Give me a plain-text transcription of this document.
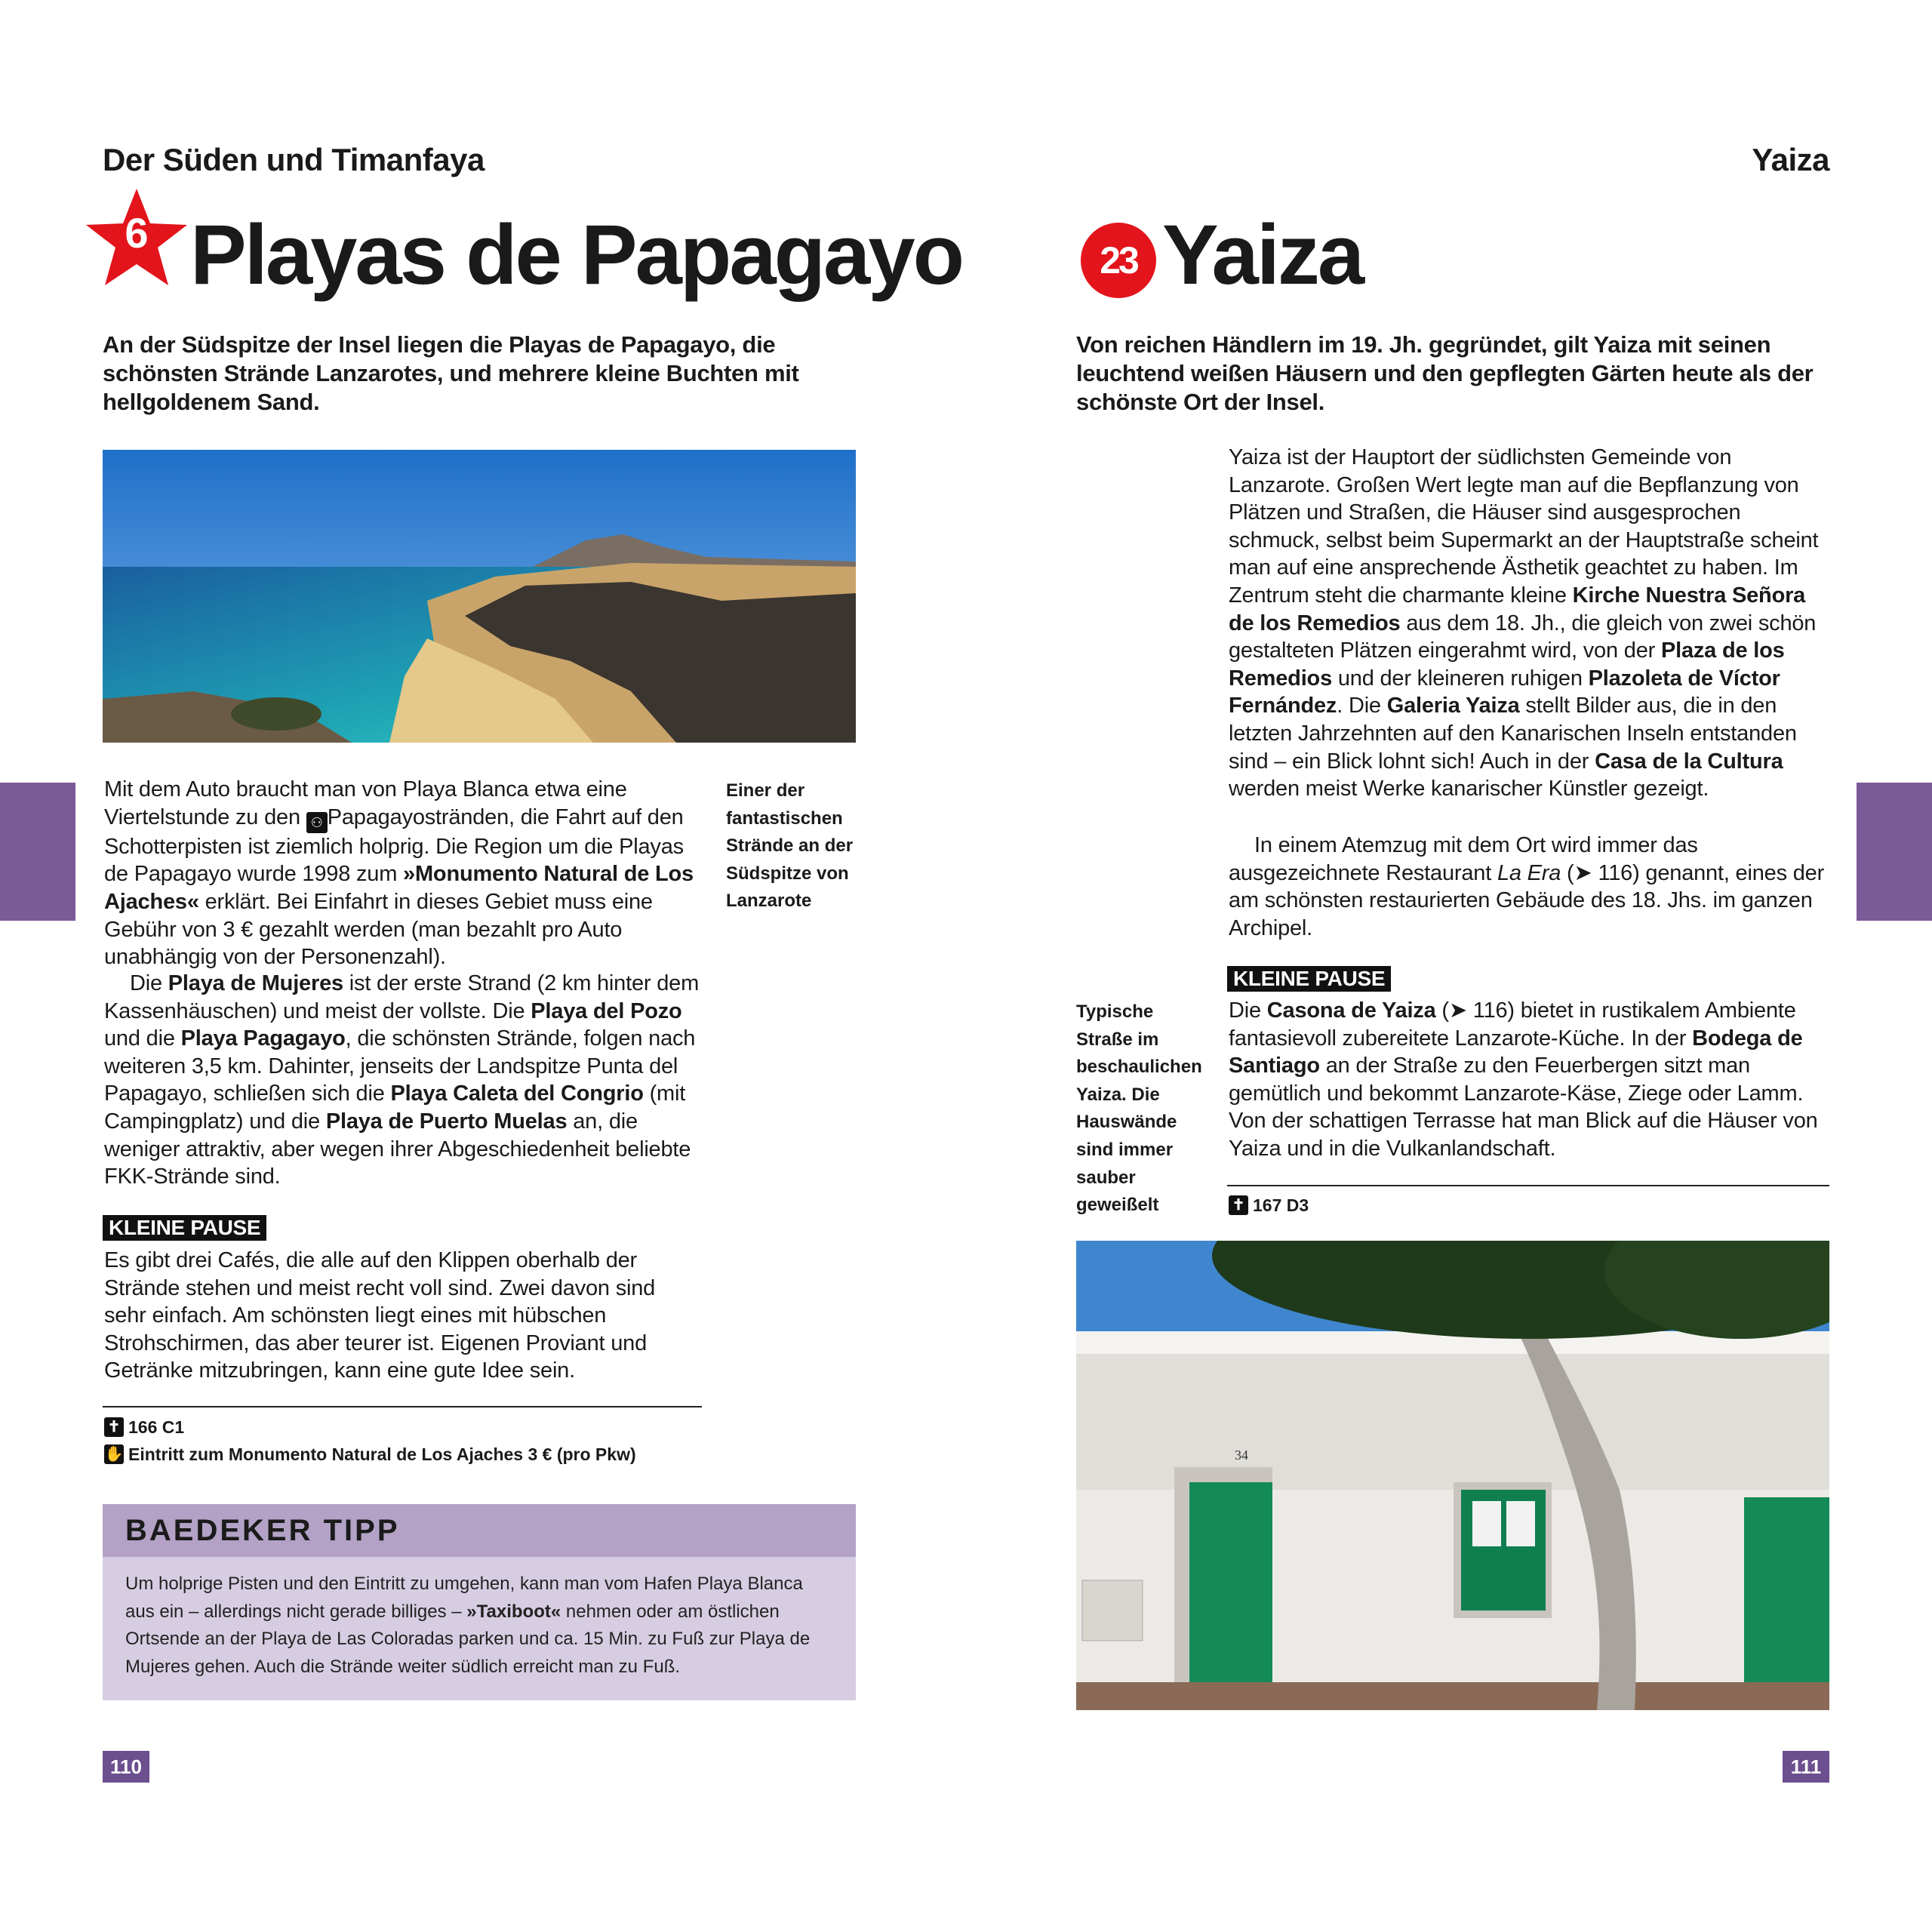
Der Süden und Timanfaya
6 Playas de Papagayo
An der Südspitze der Insel liegen die Playas de Papagayo, die schönsten Strände Lanzarotes, und mehrere kleine Buchten mit hellgoldenem Sand.
Mit dem Auto braucht man von Playa Blanca etwa eine Viertelstunde zu den ⚇ Papagayostränden, die Fahrt auf den Schotterpisten ist ziemlich holprig. Die Region um die Playas de Papagayo wurde 1998 zum »Monumento Natural de Los Ajaches« erklärt. Bei Einfahrt in dieses Gebiet muss eine Gebühr von 3 € gezahlt werden (man bezahlt pro Auto unabhängig von der Personenzahl).
Die Playa de Mujeres ist der erste Strand (2 km hinter dem Kassenhäuschen) und meist der vollste. Die Playa del Pozo und die Playa Pagagayo, die schönsten Strände, folgen nach weiteren 3,5 km. Dahinter, jenseits der Landspitze Punta del Papagayo, schließen sich die Playa Caleta del Congrio (mit Campingplatz) und die Playa de Puerto Muelas an, die weniger attraktiv, aber wegen ihrer Abgeschiedenheit beliebte FKK-Strände sind.
Einer der fantastischen Strände an der Südspitze von Lanzarote
KLEINE PAUSE
Es gibt drei Cafés, die alle auf den Klippen oberhalb der Strände stehen und meist recht voll sind. Zwei davon sind sehr einfach. Am schönsten liegt eines mit hübschen Strohschirmen, das aber teurer ist. Eigenen Proviant und Getränke mitzubringen, kann eine gute Idee sein.
✝ 166 C1
✋ Eintritt zum Monumento Natural de Los Ajaches 3 € (pro Pkw)
BAEDEKER TIPP
Um holprige Pisten und den Eintritt zu umgehen, kann man vom Hafen Playa Blanca aus ein – allerdings nicht gerade billiges – »Taxiboot« nehmen oder am östlichen Ortsende an der Playa de Las Coloradas parken und ca. 15 Min. zu Fuß zur Playa de Mujeres gehen. Auch die Strände weiter südlich erreicht man zu Fuß.
110
Yaiza
23 Yaiza
Von reichen Händlern im 19. Jh. gegründet, gilt Yaiza mit seinen leuchtend weißen Häusern und den gepflegten Gärten heute als der schönste Ort der Insel.
Yaiza ist der Hauptort der südlichsten Gemeinde von Lanzarote. Großen Wert legte man auf die Bepflanzung von Plätzen und Straßen, die Häuser sind ausgesprochen schmuck, selbst beim Supermarkt an der Hauptstraße scheint man auf eine ansprechende Ästhetik geachtet zu haben. Im Zentrum steht die charmante kleine Kirche Nuestra Señora de los Remedios aus dem 18. Jh., die gleich von zwei schön gestalteten Plätzen eingerahmt wird, von der Plaza de los Remedios und der kleineren ruhigen Plazoleta de Víctor Fernández. Die Galeria Yaiza stellt Bilder aus, die in den letzten Jahrzehnten auf den Kanarischen Inseln entstanden sind – ein Blick lohnt sich! Auch in der Casa de la Cultura werden meist Werke kanarischer Künstler gezeigt.
In einem Atemzug mit dem Ort wird immer das ausgezeichnete Restaurant La Era (➤ 116) genannt, eines der am schönsten restaurierten Gebäude des 18. Jhs. im ganzen Archipel.
KLEINE PAUSE
Die Casona de Yaiza (➤ 116) bietet in rustikalem Ambiente fantasievoll zubereitete Lanzarote-Küche. In der Bodega de Santiago an der Straße zu den Feuerbergen sitzt man gemütlich und bekommt Lanzarote-Käse, Ziege oder Lamm. Von der schattigen Terrasse hat man Blick auf die Häuser von Yaiza und in die Vulkanlandschaft.
Typische Straße im beschaulichen Yaiza. Die Hauswände sind immer sauber geweißelt	✝ 167 D3
34
111
